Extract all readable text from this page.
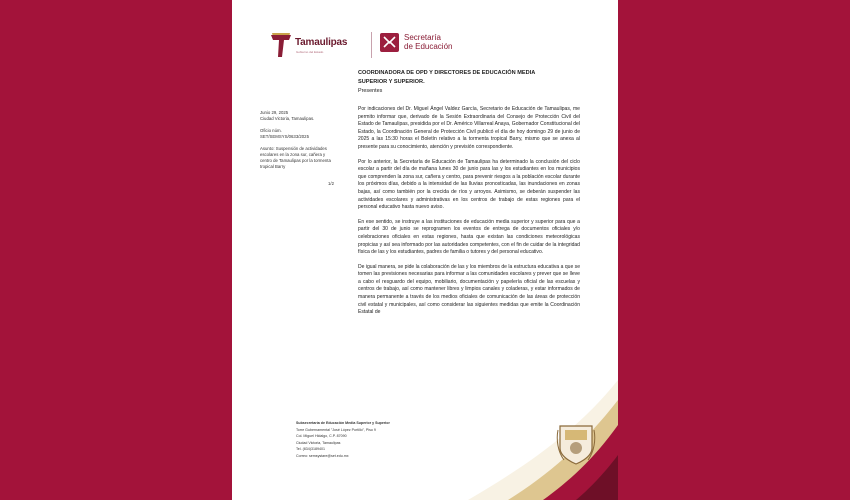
Tamaulipas
Gobierno del Estado
Secretaría
de Educación

Junio 29, 2025
Ciudad Victoria, Tamaulipas.

Oficio núm.
SET/SEMSYS/0633/2025

Asunto: Suspensión de actividades escolares en la zona sur, cañera y centro de Tamaulipas por la tormenta tropical Barry

1/2
COORDINADORA DE OPD Y DIRECTORES DE EDUCACIÓN MEDIA SUPERIOR Y SUPERIOR.
Presentes

Por indicaciones del Dr. Miguel Ángel Valdez García, Secretario de Educación de Tamaulipas, me permito informar que, derivado de la Sesión Extraordinaria del Consejo de Protección Civil del Estado de Tamaulipas, presidida por el Dr. Américo Villarreal Anaya, Gobernador Constitucional del Estado, la Coordinación General de Protección Civil publicó el día de hoy domingo 29 de junio de 2025 a las 15:30 horas el Boletín relativo a la tormenta tropical Barry, mismo que se anexa al presente para su conocimiento, atención y previsión correspondiente.

Por lo anterior, la Secretaría de Educación de Tamaulipas ha determinado la conclusión del ciclo escolar a partir del día de mañana lunes 30 de junio para las y los estudiantes en los municipios que comprenden la zona sur, cañera y centro, para prevenir riesgos a la población escolar durante los próximos días, debido a la intensidad de las lluvias pronosticadas, las inundaciones en zonas bajas, así como también por la crecida de ríos y arroyos. Asimismo, se deberán suspender las actividades escolares y administrativas en los centros de trabajo de estas regiones para el personal educativo hasta nuevo aviso.

En ese sentido, se instruye a las instituciones de educación media superior y superior para que a partir del 30 de junio se reprogramen los eventos de entrega de documentos oficiales y/o celebraciones oficiales en estas regiones, hasta que existan las condiciones meteorológicas propicias y así sea informado por las autoridades competentes, con el fin de cuidar de la integridad física de las y los estudiantes, padres de familia o tutores y del personal educativo.

De igual manera, se pide la colaboración de las y los miembros de la estructura educativa a que se tomen las previsiones necesarias para informar a las comunidades escolares y prever que se lleve a cabo el resguardo del equipo, mobiliario, documentación y papelería oficial de las escuelas y centros de trabajo, así como mantener libres y limpios canales y coladeras, y estar informados de manera permanente a través de los medios oficiales de comunicación de las áreas de protección civil estatal y municipales, así como considerar las siguientes medidas que emite la Coordinación Estatal de

Subsecretaría de Educación Media Superior y Superior
Torre Gubernamental "José López Portillo", Piso 9
Col. Miguel Hidalgo, C.P. 87090
Ciudad Victoria, Tamaulipas
Tel. (834)3189401
Correo: semsystare@set.edu.mx
